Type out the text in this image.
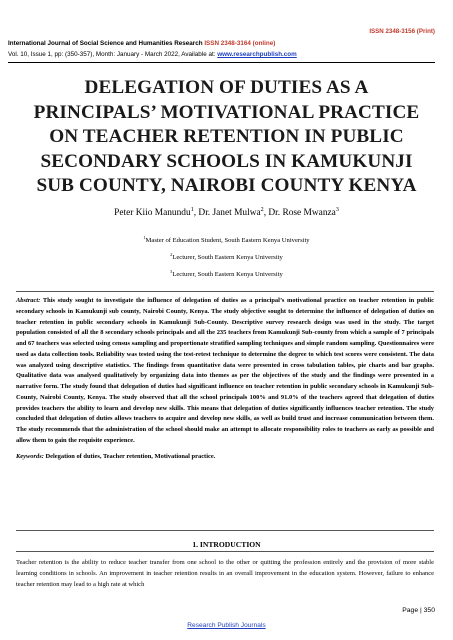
ISSN 2348-3156 (Print)
International Journal of Social Science and Humanities Research ISSN 2348-3164 (online)
Vol. 10, Issue 1, pp: (350-357), Month: January - March 2022, Available at: www.researchpublish.com
DELEGATION OF DUTIES AS A
PRINCIPALS’ MOTIVATIONAL PRACTICE
ON TEACHER RETENTION IN PUBLIC
SECONDARY SCHOOLS IN KAMUKUNJI
SUB COUNTY, NAIROBI COUNTY KENYA
Peter Kiio Manundu$^1$, Dr. Janet Mulwa$^2$, Dr. Rose Mwanza$^3$
$^1$Master of Education Student, South Eastern Kenya University
$^2$Lecturer, South Eastern Kenya University
$^3$Lecturer, South Eastern Kenya University

Abstract: This study sought to investigate the influence of delegation of duties as a principal’s motivational practice on teacher retention in public secondary schools in Kamukunji sub county, Nairobi County, Kenya. The study objective sought to determine the influence of delegation of duties on teacher retention in public secondary schools in Kamukunji Sub-County. Descriptive survey research design was used in the study. The target population consisted of all the 8 secondary schools principals and all the 235 teachers from Kamukunji Sub-county from which a sample of 7 principals and 67 teachers was selected using census sampling and proportionate stratified sampling techniques and simple random sampling. Questionnaires were used as data collection tools. Reliability was tested using the test-retest technique to determine the degree to which test scores were consistent. The data was analyzed using descriptive statistics. The findings from quantitative data were presented in cross tabulation tables, pie charts and bar graphs. Qualitative data was analysed qualitatively by organizing data into themes as per the objectives of the study and the findings were presented in a narrative form. The study found that delegation of duties had significant influence on teacher retention in public secondary schools in Kamukunji Sub-County, Nairobi County, Kenya. The study observed that all the school principals 100% and 91.0% of the teachers agreed that delegation of duties provides teachers the ability to learn and develop new skills. This means that delegation of duties significantly influences teacher retention. The study concluded that delegation of duties allows teachers to acquire and develop new skills, as well as build trust and increase communication between them. The study recommends that the administration of the school should make an attempt to allocate responsibility roles to teachers as early as possible and allow them to gain the requisite experience.

Keywords: Delegation of duties, Teacher retention, Motivational practice.

1. INTRODUCTION

Teacher retention is the ability to reduce teacher transfer from one school to the other or quitting the profession entirely and the provision of more stable learning conditions in schools. An improvement in teacher retention results in an overall improvement in the education system. However, failure to enhance teacher retention may lead to a high rate at which

Page | 350
Research Publish Journals
